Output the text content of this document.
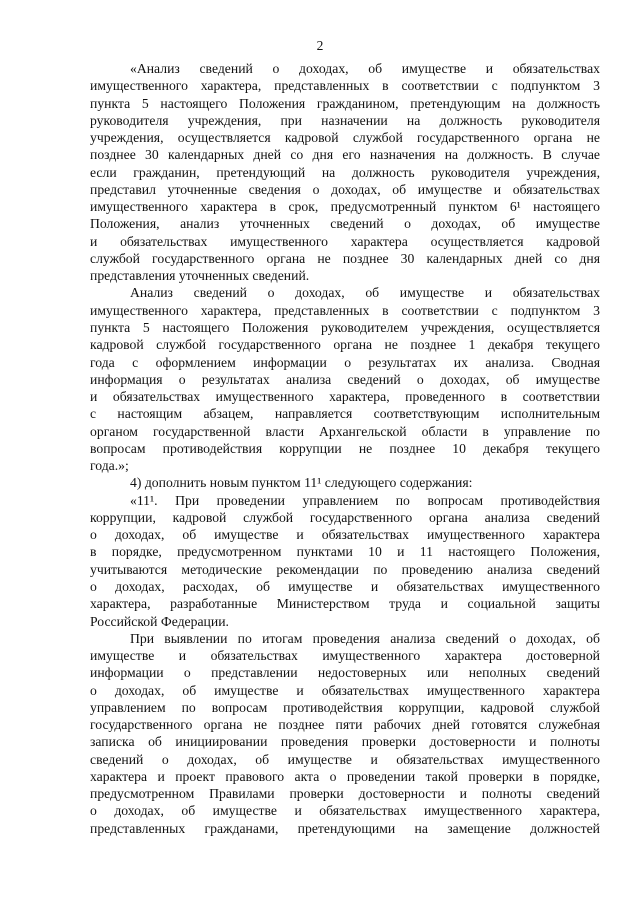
2
«Анализ сведений о доходах, об имуществе и обязательствах
имущественного характера, представленных в соответствии с подпунктом 3
пункта 5 настоящего Положения гражданином, претендующим на должность
руководителя учреждения, при назначении на должность руководителя
учреждения, осуществляется кадровой службой государственного органа не
позднее 30 календарных дней со дня его назначения на должность. В случае
если гражданин, претендующий на должность руководителя учреждения,
представил уточненные сведения о доходах, об имуществе и обязательствах
имущественного характера в срок, предусмотренный пунктом 6¹ настоящего
Положения, анализ уточненных сведений о доходах, об имуществе
и обязательствах имущественного характера осуществляется кадровой
службой государственного органа не позднее 30 календарных дней со дня
представления уточненных сведений.
Анализ сведений о доходах, об имуществе и обязательствах
имущественного характера, представленных в соответствии с подпунктом 3
пункта 5 настоящего Положения руководителем учреждения, осуществляется
кадровой службой государственного органа не позднее 1 декабря текущего
года с оформлением информации о результатах их анализа. Сводная
информация о результатах анализа сведений о доходах, об имуществе
и обязательствах имущественного характера, проведенного в соответствии
с настоящим абзацем, направляется соответствующим исполнительным
органом государственной власти Архангельской области в управление по
вопросам противодействия коррупции не позднее 10 декабря текущего
года.»;
4) дополнить новым пунктом 11¹ следующего содержания:
«11¹. При проведении управлением по вопросам противодействия
коррупции, кадровой службой государственного органа анализа сведений
о доходах, об имуществе и обязательствах имущественного характера
в порядке, предусмотренном пунктами 10 и 11 настоящего Положения,
учитываются методические рекомендации по проведению анализа сведений
о доходах, расходах, об имуществе и обязательствах имущественного
характера, разработанные Министерством труда и социальной защиты
Российской Федерации.
При выявлении по итогам проведения анализа сведений о доходах, об
имуществе и обязательствах имущественного характера достоверной
информации о представлении недостоверных или неполных сведений
о доходах, об имуществе и обязательствах имущественного характера
управлением по вопросам противодействия коррупции, кадровой службой
государственного органа не позднее пяти рабочих дней готовятся служебная
записка об инициировании проведения проверки достоверности и полноты
сведений о доходах, об имуществе и обязательствах имущественного
характера и проект правового акта о проведении такой проверки в порядке,
предусмотренном Правилами проверки достоверности и полноты сведений
о доходах, об имуществе и обязательствах имущественного характера,
представленных гражданами, претендующими на замещение должностей
